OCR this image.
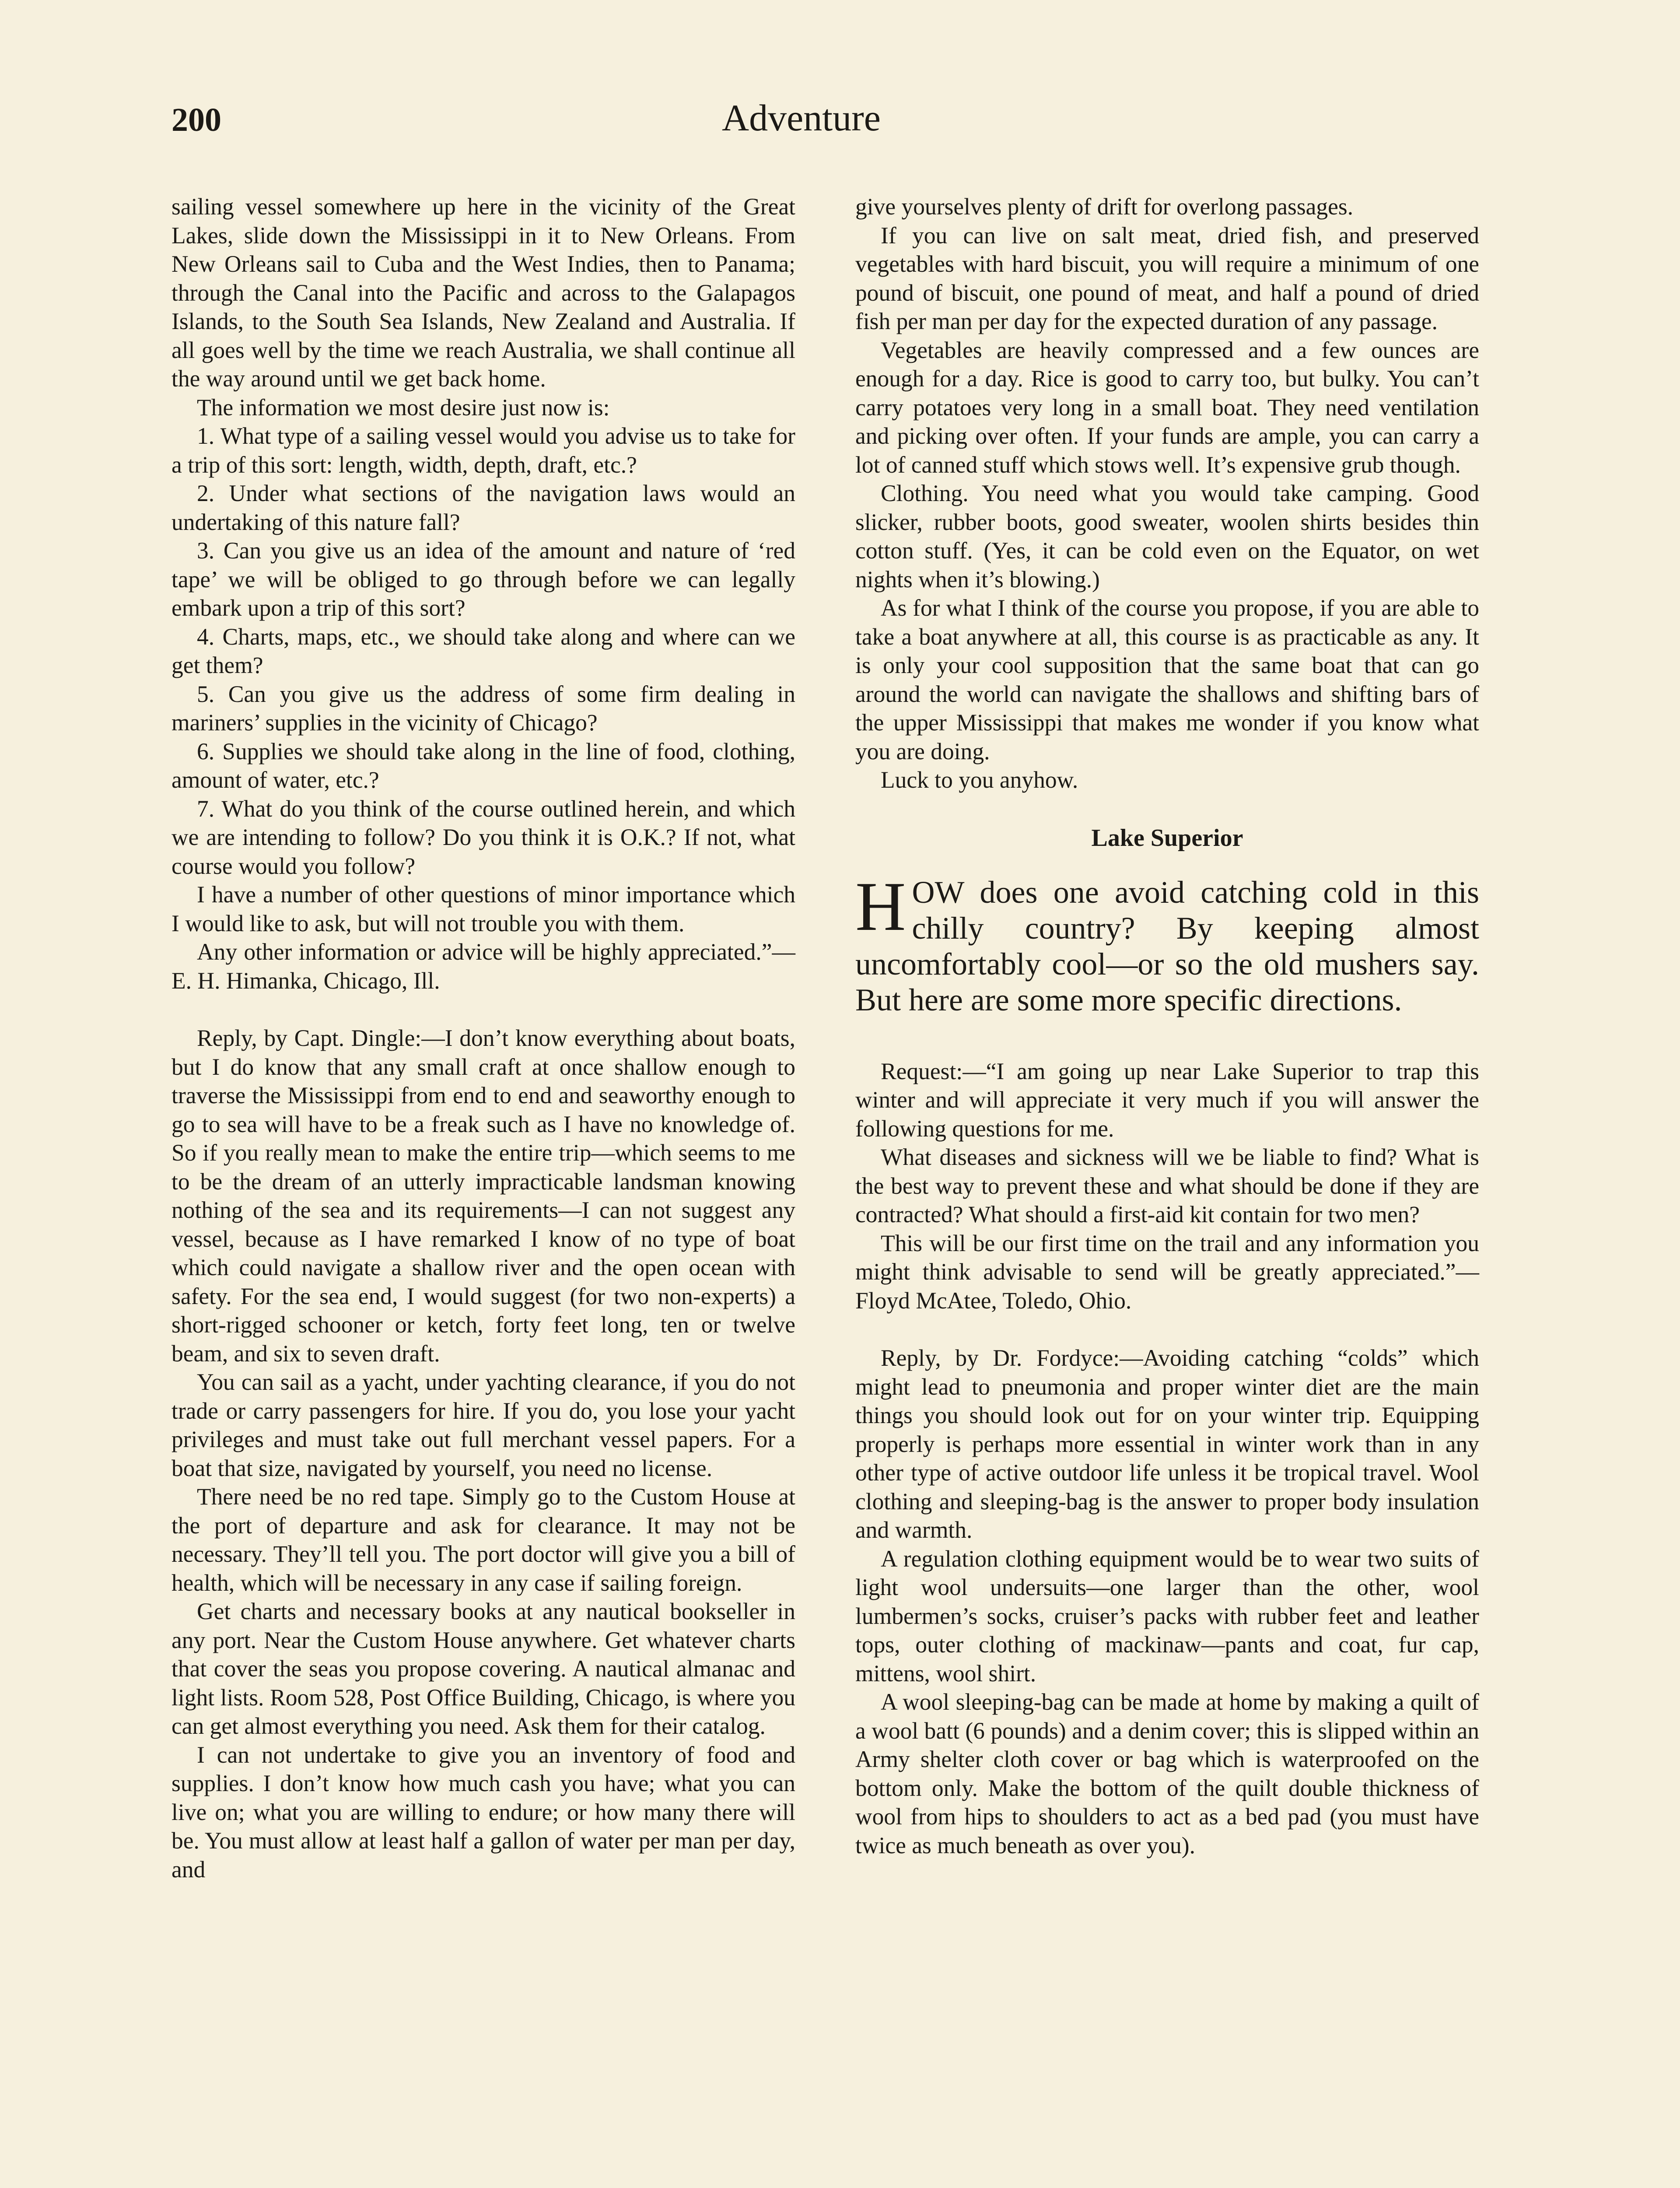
200	Adventure

sailing vessel somewhere up here in the vicinity of the Great Lakes, slide down the Mississippi in it to New Orleans. From New Orleans sail to Cuba and the West Indies, then to Panama; through the Canal into the Pacific and across to the Galapagos Islands, to the South Sea Islands, New Zealand and Australia. If all goes well by the time we reach Australia, we shall continue all the way around until we get back home.

The information we most desire just now is:

1. What type of a sailing vessel would you advise us to take for a trip of this sort: length, width, depth, draft, etc.?

2. Under what sections of the navigation laws would an undertaking of this nature fall?

3. Can you give us an idea of the amount and nature of ‘red tape’ we will be obliged to go through before we can legally embark upon a trip of this sort?

4. Charts, maps, etc., we should take along and where can we get them?

5. Can you give us the address of some firm dealing in mariners’ supplies in the vicinity of Chicago?

6. Supplies we should take along in the line of food, clothing, amount of water, etc.?

7. What do you think of the course outlined herein, and which we are intending to follow? Do you think it is O.K.? If not, what course would you follow?

I have a number of other questions of minor importance which I would like to ask, but will not trouble you with them.

Any other information or advice will be highly appreciated.”—E. H. Himanka, Chicago, Ill.

Reply, by Capt. Dingle:—I don’t know everything about boats, but I do know that any small craft at once shallow enough to traverse the Mississippi from end to end and seaworthy enough to go to sea will have to be a freak such as I have no knowledge of. So if you really mean to make the entire trip—which seems to me to be the dream of an utterly impracticable landsman knowing nothing of the sea and its requirements—I can not suggest any vessel, because as I have remarked I know of no type of boat which could navigate a shallow river and the open ocean with safety. For the sea end, I would suggest (for two non-experts) a short-rigged schooner or ketch, forty feet long, ten or twelve beam, and six to seven draft.

You can sail as a yacht, under yachting clearance, if you do not trade or carry passengers for hire. If you do, you lose your yacht privileges and must take out full merchant vessel papers. For a boat that size, navigated by yourself, you need no license.

There need be no red tape. Simply go to the Custom House at the port of departure and ask for clearance. It may not be necessary. They’ll tell you. The port doctor will give you a bill of health, which will be necessary in any case if sailing foreign.

Get charts and necessary books at any nautical bookseller in any port. Near the Custom House anywhere. Get whatever charts that cover the seas you propose covering. A nautical almanac and light lists. Room 528, Post Office Building, Chicago, is where you can get almost everything you need. Ask them for their catalog.

I can not undertake to give you an inventory of food and supplies. I don’t know how much cash you have; what you can live on; what you are willing to endure; or how many there will be. You must allow at least half a gallon of water per man per day, and

give yourselves plenty of drift for overlong passages.

If you can live on salt meat, dried fish, and preserved vegetables with hard biscuit, you will require a minimum of one pound of biscuit, one pound of meat, and half a pound of dried fish per man per day for the expected duration of any passage.

Vegetables are heavily compressed and a few ounces are enough for a day. Rice is good to carry too, but bulky. You can’t carry potatoes very long in a small boat. They need ventilation and picking over often. If your funds are ample, you can carry a lot of canned stuff which stows well. It’s expensive grub though.

Clothing. You need what you would take camping. Good slicker, rubber boots, good sweater, woolen shirts besides thin cotton stuff. (Yes, it can be cold even on the Equator, on wet nights when it’s blowing.)

As for what I think of the course you propose, if you are able to take a boat anywhere at all, this course is as practicable as any. It is only your cool supposition that the same boat that can go around the world can navigate the shallows and shifting bars of the upper Mississippi that makes me wonder if you know what you are doing.

Luck to you anyhow.

Lake Superior
HOW does one avoid catching cold in this chilly country? By keeping almost uncomfortably cool—or so the old mushers say. But here are some more specific directions.

Request:—“I am going up near Lake Superior to trap this winter and will appreciate it very much if you will answer the following questions for me.

What diseases and sickness will we be liable to find? What is the best way to prevent these and what should be done if they are contracted? What should a first-aid kit contain for two men?

This will be our first time on the trail and any information you might think advisable to send will be greatly appreciated.”—Floyd McAtee, Toledo, Ohio.

Reply, by Dr. Fordyce:—Avoiding catching “colds” which might lead to pneumonia and proper winter diet are the main things you should look out for on your winter trip. Equipping properly is perhaps more essential in winter work than in any other type of active outdoor life unless it be tropical travel. Wool clothing and sleeping-bag is the answer to proper body insulation and warmth.

A regulation clothing equipment would be to wear two suits of light wool undersuits—one larger than the other, wool lumbermen’s socks, cruiser’s packs with rubber feet and leather tops, outer clothing of mackinaw—pants and coat, fur cap, mittens, wool shirt.

A wool sleeping-bag can be made at home by making a quilt of a wool batt (6 pounds) and a denim cover; this is slipped within an Army shelter cloth cover or bag which is waterproofed on the bottom only. Make the bottom of the quilt double thickness of wool from hips to shoulders to act as a bed pad (you must have twice as much beneath as over you).
